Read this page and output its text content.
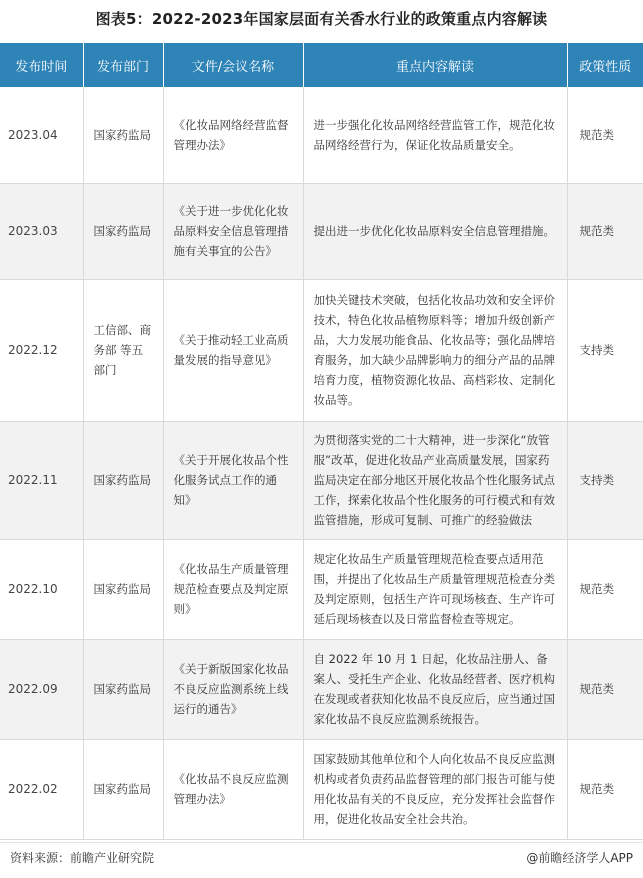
图表5：2022-2023年国家层面有关香水行业的政策重点内容解读
发布时间	发布部门	文件/会议名称	重点内容解读	政策性质
2023.04	国家药监局	《化妆品网络经营监督管理办法》	进一步强化化妆品网络经营监管工作，规范化妆品网络经营行为，保证化妆品质量安全。	规范类
2023.03	国家药监局	《关于进一步优化化妆品原料安全信息管理措施有关事宜的公告》	提出进一步优化化妆品原料安全信息管理措施。	规范类
2022.12	工信部、商务部 等五部门	《关于推动轻工业高质量发展的指导意见》	加快关键技术突破，包括化妆品功效和安全评价技术，特色化妆品植物原料等；增加升级创新产品，大力发展功能食品、化妆品等；强化品牌培育服务，加大缺少品牌影响力的细分产品的品牌培育力度，植物资源化妆品、高档彩妆、定制化妆品等。	支持类
2022.11	国家药监局	《关于开展化妆品个性化服务试点工作的通知》	为贯彻落实党的二十大精神，进一步深化“放管服”改革，促进化妆品产业高质量发展，国家药监局决定在部分地区开展化妆品个性化服务试点工作，探索化妆品个性化服务的可行模式和有效监管措施，形成可复制、可推广的经验做法	支持类
2022.10	国家药监局	《化妆品生产质量管理规范检查要点及判定原则》	规定化妆品生产质量管理规范检查要点适用范围，并提出了化妆品生产质量管理规范检查分类及判定原则，包括生产许可现场核查、生产许可延后现场核查以及日常监督检查等规定。	规范类
2022.09	国家药监局	《关于新版国家化妆品不良反应监测系统上线运行的通告》	自 2022 年 10 月 1 日起，化妆品注册人、备案人、受托生产企业、化妆品经营者、医疗机构在发现或者获知化妆品不良反应后，应当通过国家化妆品不良反应监测系统报告。	规范类
2022.02	国家药监局	《化妆品不良反应监测管理办法》	国家鼓励其他单位和个人向化妆品不良反应监测机构或者负责药品监督管理的部门报告可能与使用化妆品有关的不良反应，充分发挥社会监督作用，促进化妆品安全社会共治。	规范类
资料来源：前瞻产业研究院	@前瞻经济学人APP
